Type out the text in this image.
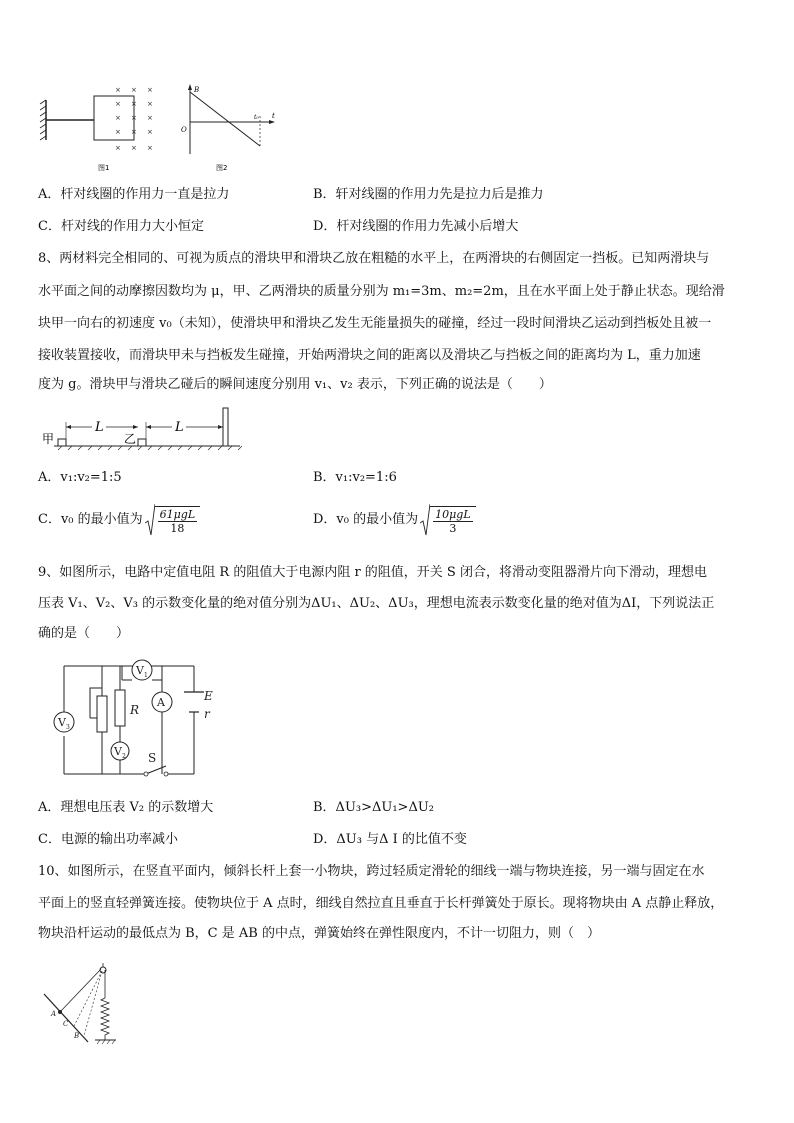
× × ×
× × ×
× × ×
× × ×
× × ×
图1
B
O
t₀ t
图2
A．杆对线圈的作用力一直是拉力	B．轩对线圈的作用力先是拉力后是推力
C．杆对线的作用力大小恒定	D．杆对线圈的作用力先减小后增大
8、两材料完全相同的、可视为质点的滑块甲和滑块乙放在粗糙的水平上，在两滑块的右侧固定一挡板。已知两滑块与
水平面之间的动摩擦因数均为 μ，甲、乙两滑块的质量分别为 m₁=3m、m₂=2m，且在水平面上处于静止状态。现给滑
块甲一向右的初速度 v₀（未知），使滑块甲和滑块乙发生无能量损失的碰撞，经过一段时间滑块乙运动到挡板处且被一
接收装置接收，而滑块甲未与挡板发生碰撞，开始两滑块之间的距离以及滑块乙与挡板之间的距离均为 L，重力加速
度为 g。滑块甲与滑块乙碰后的瞬间速度分别用 v₁、v₂ 表示，下列正确的说法是（　　）
甲	乙
L	L
A．v₁:v₂=1:5	B．v₁:v₂=1:6
C．v₀ 的最小值为 61μgL
18
D．v₀ 的最小值为 10μgL
3
9、如图所示，电路中定值电阻 R 的阻值大于电源内阻 r 的阻值，开关 S 闭合，将滑动变阻器滑片向下滑动，理想电
压表 V₁、V₂、V₃ 的示数变化量的绝对值分别为ΔU₁、ΔU₂、ΔU₃，理想电流表示数变化量的绝对值为ΔI，下列说法正
确的是（　　）
V 1
A
V 3
V 2
R
E
r
S
A．理想电压表 V₂ 的示数增大	B．ΔU₃>ΔU₁>ΔU₂
C．电源的输出功率减小	D．ΔU₃ 与Δ I 的比值不变
10、如图所示，在竖直平面内，倾斜长杆上套一小物块，跨过轻质定滑轮的细线一端与物块连接，另一端与固定在水
平面上的竖直轻弹簧连接。使物块位于 A 点时，细线自然拉直且垂直于长杆弹簧处于原长。现将物块由 A 点静止释放，
物块沿杆运动的最低点为 B，C 是 AB 的中点，弹簧始终在弹性限度内，不计一切阻力，则（　）
A
C
B
